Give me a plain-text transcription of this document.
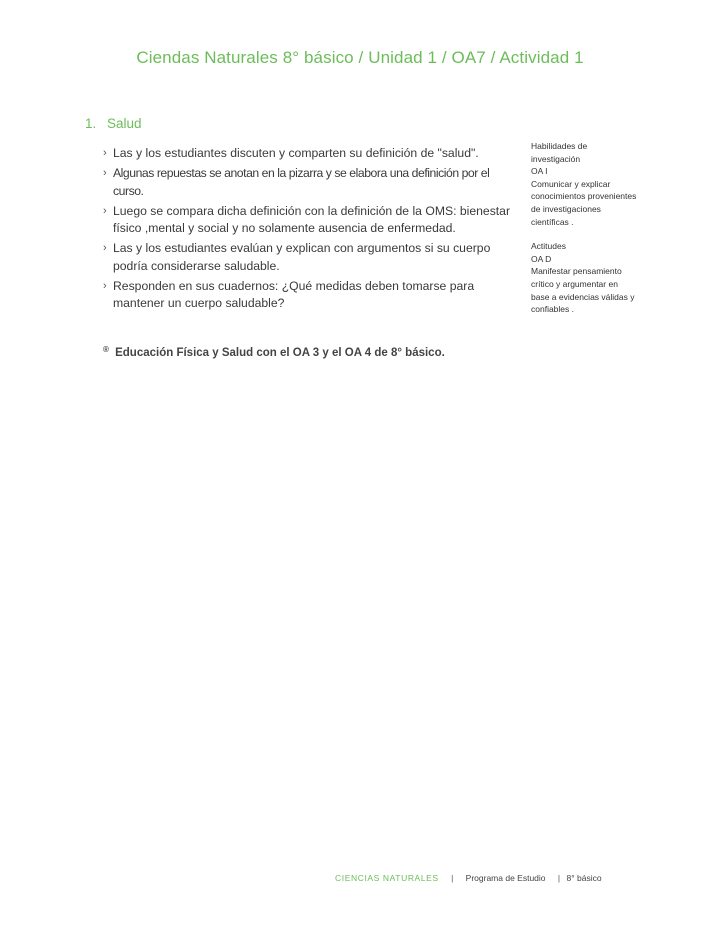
Ciendas Naturales 8° básico / Unidad 1 / OA7 / Actividad 1
1. Salud
› Las y los estudiantes discuten y comparten su definición de "salud".
› Algunas repuestas se anotan en la pizarra y se elabora una definición por el curso.
› Luego se compara dicha definición con la definición de la OMS: bienestar físico ,mental y social y no solamente ausencia de enfermedad.
› Las y los estudiantes evalúan y explican con argumentos si su cuerpo podría considerarse saludable.
› Responden en sus cuadernos: ¿Qué medidas deben tomarse para mantener un cuerpo saludable?
Habilidades de
investigación
OA I
Comunicar y explicar
conocimientos provenientes
de investigaciones
científicas .
Actitudes
OA D
Manifestar pensamiento
crítico y argumentar en
base a evidencias válidas y
confiables .
® Educación Física y Salud con el OA 3 y el OA 4 de 8° básico.
CIENCIAS NATURALES | Programa de Estudio | 8° básico
